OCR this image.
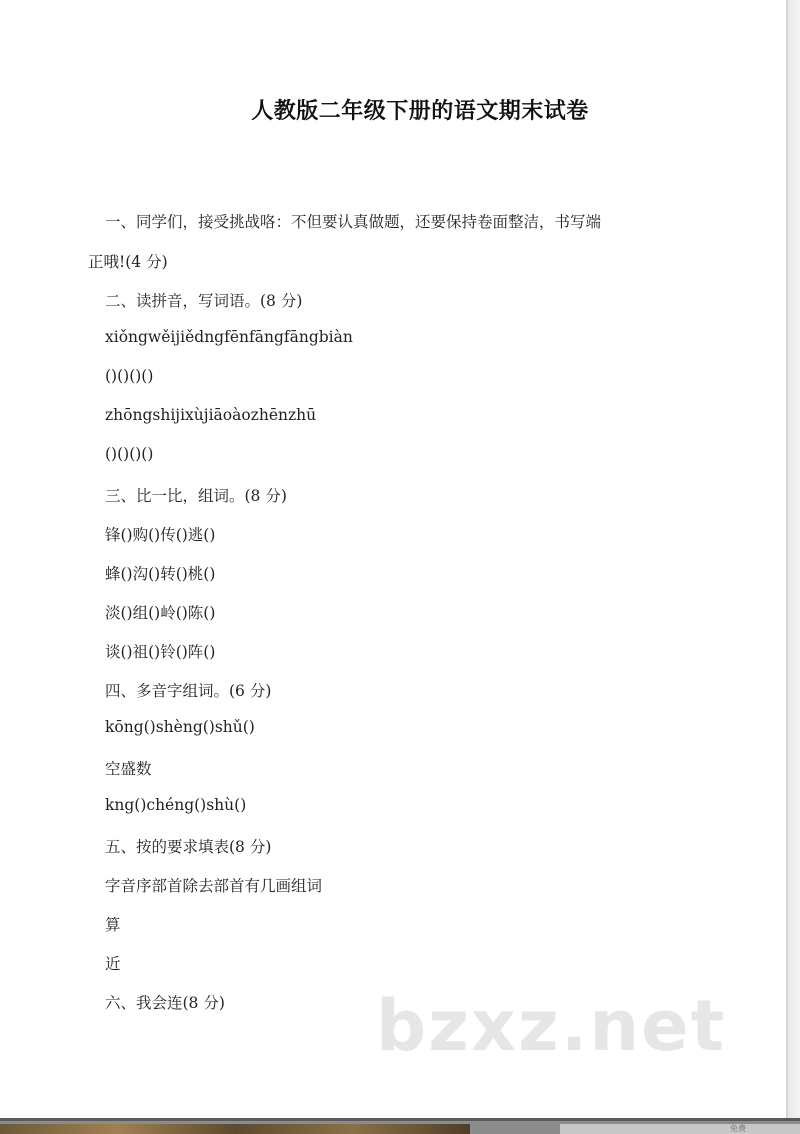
人教版二年级下册的语文期末试卷
一、同学们，接受挑战咯：不但要认真做题，还要保持卷面整洁，书写端
正哦!(4 分)
二、读拼音，写词语。(8 分)
xiǒngwěijiědngfēnfāngfāngbiàn
()()()()
zhōngshijixùjiāoàozhēnzhū
()()()()
三、比一比，组词。(8 分)
锋()购()传()逃()
蜂()沟()转()桃()
淡()组()岭()陈()
谈()祖()铃()阵()
四、多音字组词。(6 分)
kōng()shèng()shǔ()
空盛数
kng()chéng()shù()
五、按的要求填表(8 分)
字音序部首除去部首有几画组词
算
近
六、我会连(8 分) bzxz.net
免费
